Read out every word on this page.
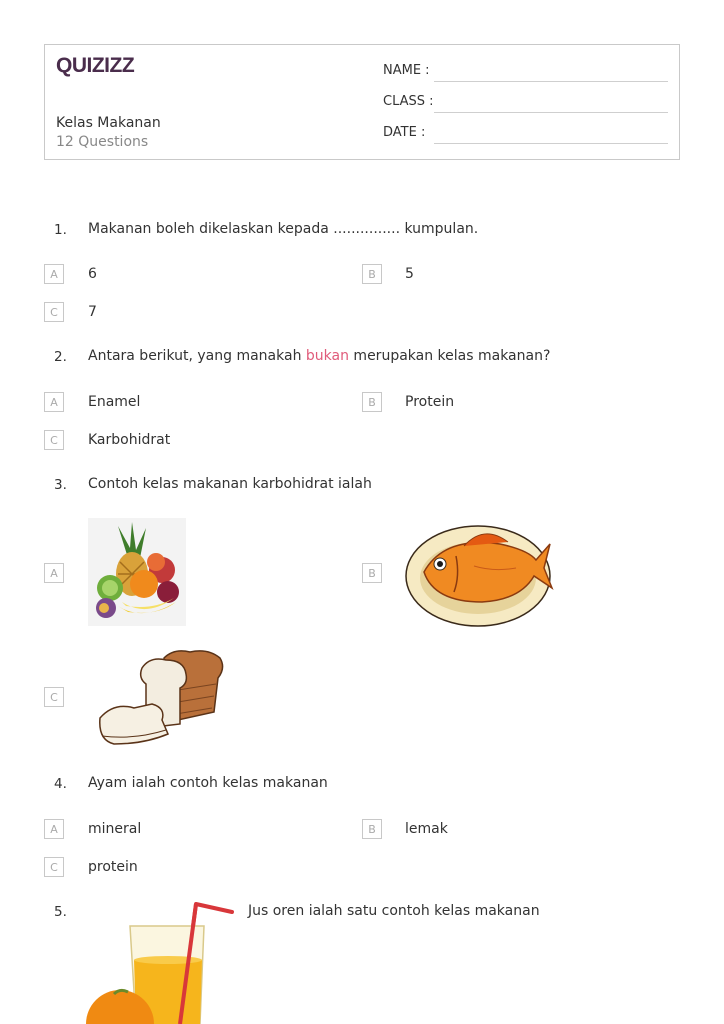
QUIZIZZ
Kelas Makanan
12 Questions
NAME :
CLASS :
DATE :
1. Makanan boleh dikelaskan kepada ............... kumpulan.
A	6	B	5
C	7
2. Antara berikut, yang manakah bukan merupakan kelas makanan?
A	Enamel	B	Protein
C	Karbohidrat
3. Contoh kelas makanan karbohidrat ialah
A	B
C
4. Ayam ialah contoh kelas makanan
A	mineral	B	lemak
C	protein
5.	Jus oren ialah satu contoh kelas makanan
